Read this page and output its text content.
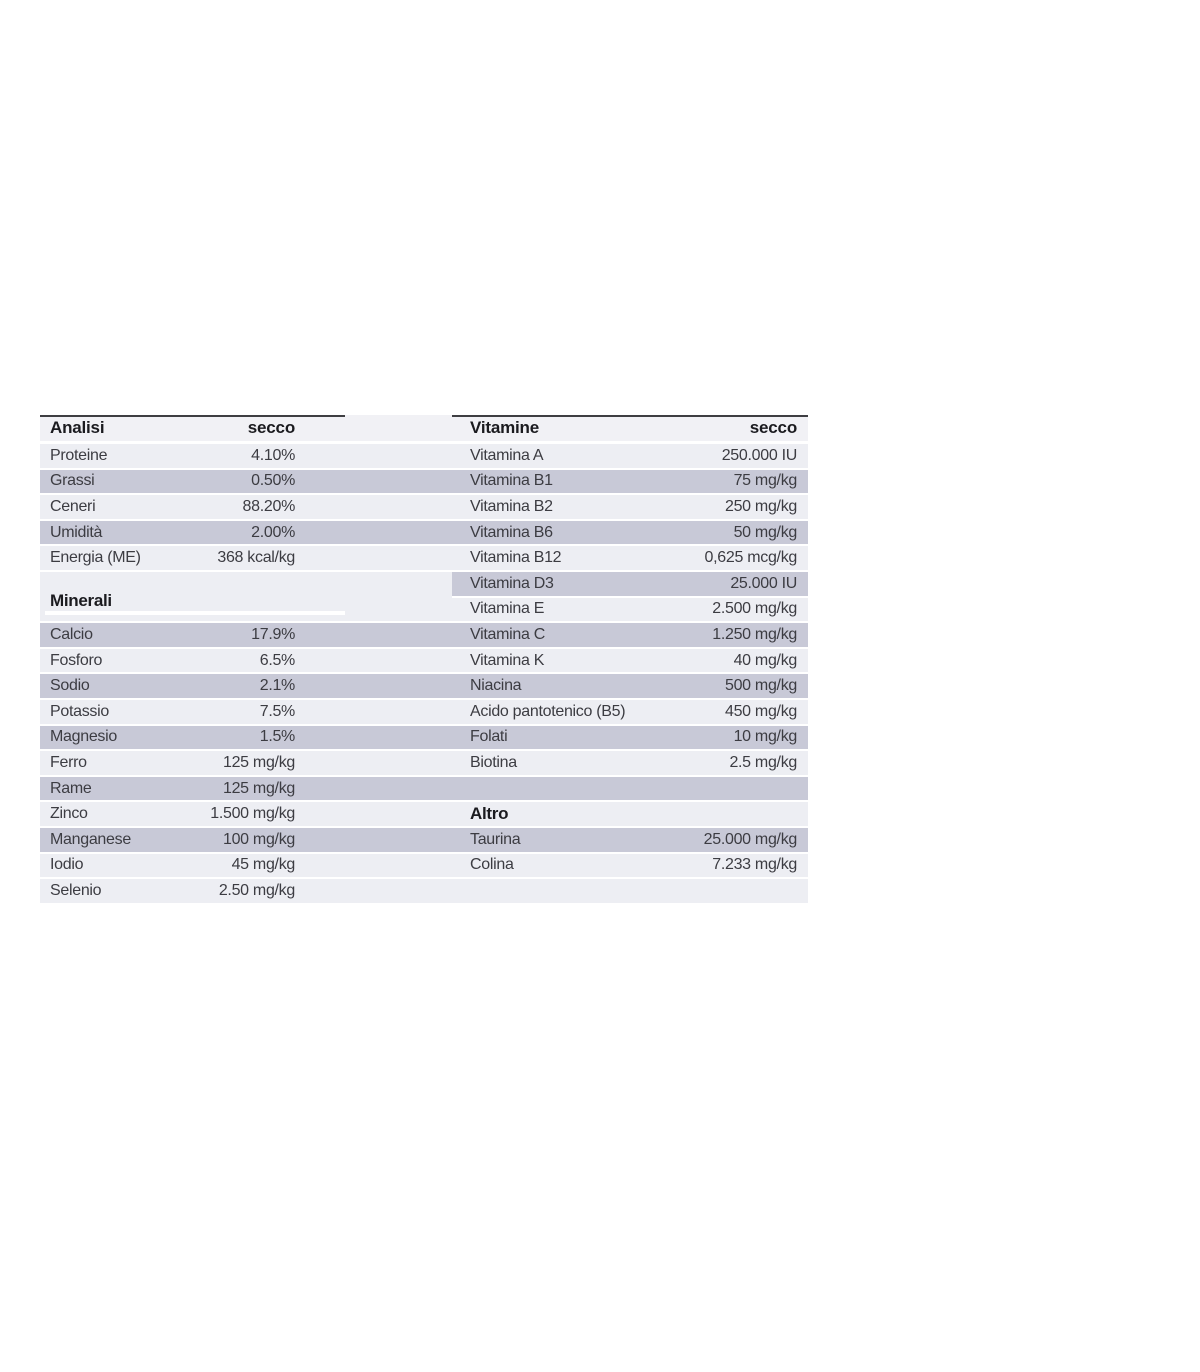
Analisi	secco
Proteine	4.10%
Grassi	0.50%
Ceneri	88.20%
Umidità	2.00%
Energia (ME)	368 kcal/kg
Minerali
Calcio	17.9%
Fosforo	6.5%
Sodio	2.1%
Potassio	7.5%
Magnesio	1.5%
Ferro	125 mg/kg
Rame	125 mg/kg
Zinco	1.500 mg/kg
Manganese	100 mg/kg
Iodio	45 mg/kg
Selenio	2.50 mg/kg
Vitamine	secco
Vitamina A	250.000 IU
Vitamina B1	75 mg/kg
Vitamina B2	250 mg/kg
Vitamina B6	50 mg/kg
Vitamina B12	0,625 mcg/kg
Vitamina D3	25.000 IU
Vitamina E	2.500 mg/kg
Vitamina C	1.250 mg/kg
Vitamina K	40 mg/kg
Niacina	500 mg/kg
Acido pantotenico (B5)	450 mg/kg
Folati	10 mg/kg
Biotina	2.5 mg/kg
Altro
Taurina	25.000 mg/kg
Colina	7.233 mg/kg
